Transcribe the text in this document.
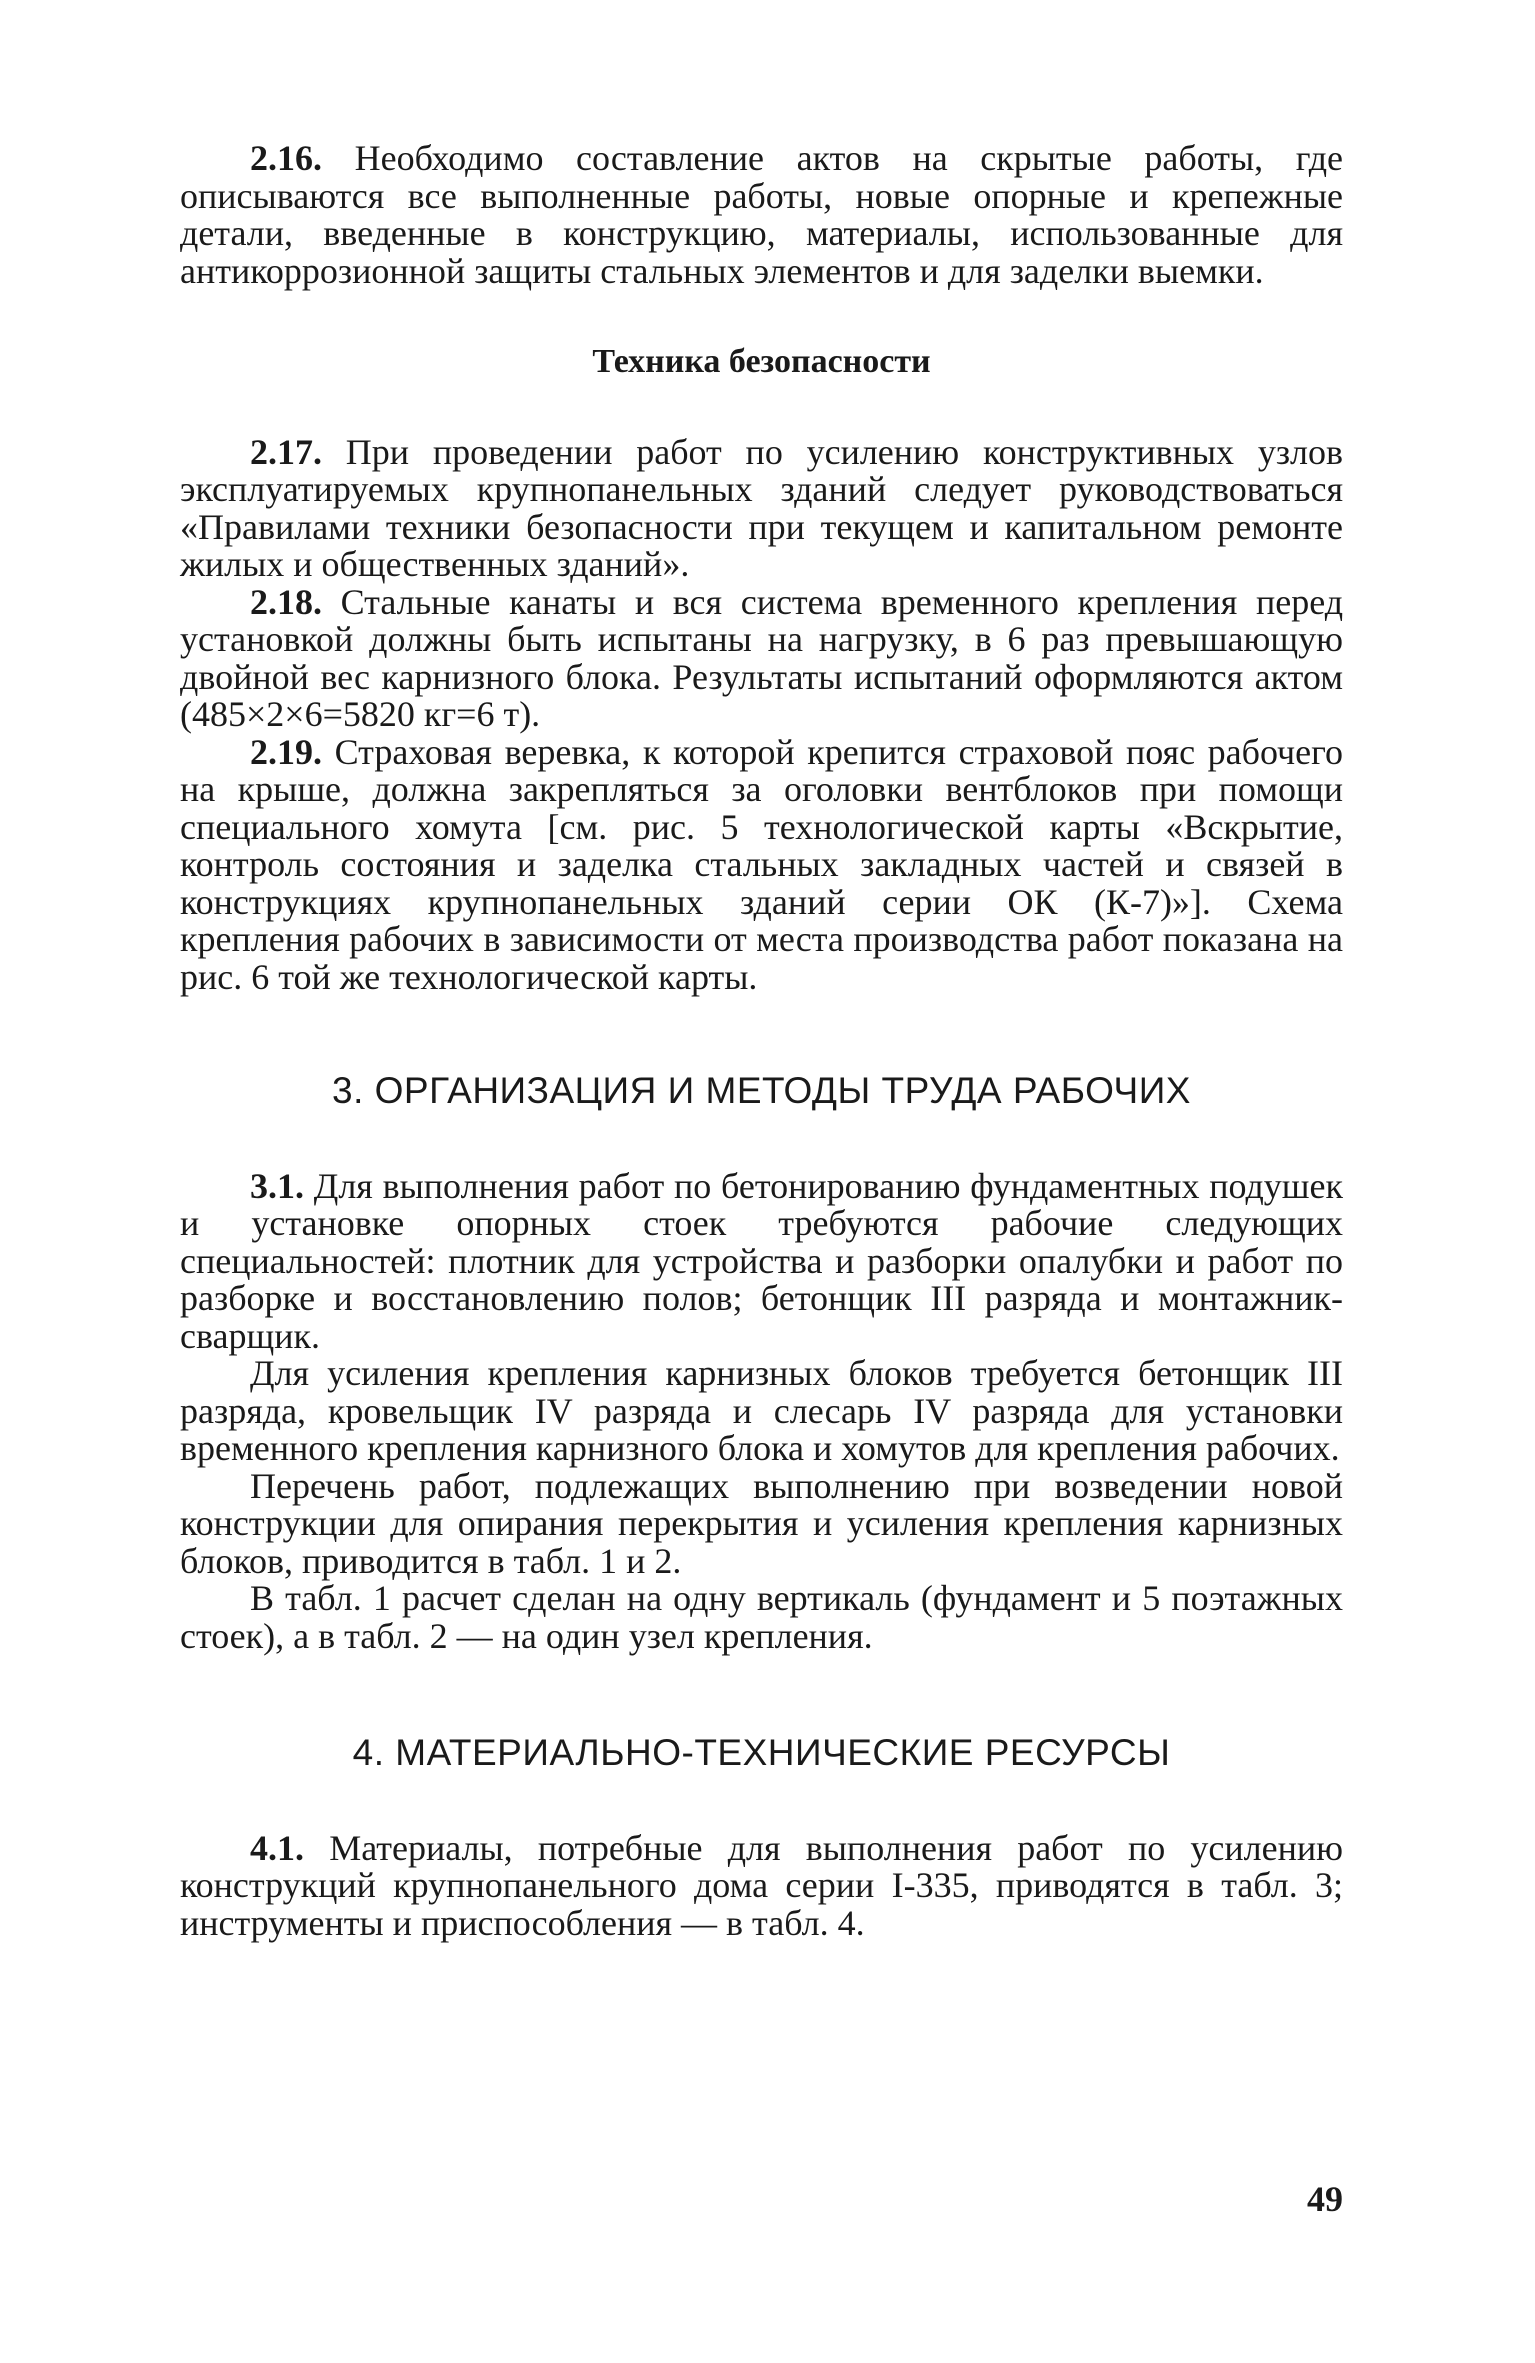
2.16. Необходимо составление актов на скрытые работы, где описываются все выполненные работы, новые опорные и крепежные детали, введенные в конструкцию, материалы, использованные для антикоррозионной защиты стальных элементов и для заделки выемки.

Техника безопасности

2.17. При проведении работ по усилению конструктивных узлов эксплуатируемых крупнопанельных зданий следует руководствоваться «Правилами техники безопасности при текущем и капитальном ремонте жилых и общественных зданий».

2.18. Стальные канаты и вся система временного крепления перед установкой должны быть испытаны на нагрузку, в 6 раз превышающую двойной вес карнизного блока. Результаты испытаний оформляются актом (485×2×6=5820 кг=6 т).

2.19. Страховая веревка, к которой крепится страховой пояс рабочего на крыше, должна закрепляться за оголовки вентблоков при помощи специального хомута [см. рис. 5 технологической карты «Вскрытие, контроль состояния и заделка стальных закладных частей и связей в конструкциях крупнопанельных зданий серии ОК (К-7)»]. Схема крепления рабочих в зависимости от места производства работ показана на рис. 6 той же технологической карты.

3. ОРГАНИЗАЦИЯ И МЕТОДЫ ТРУДА РАБОЧИХ

3.1. Для выполнения работ по бетонированию фундаментных подушек и установке опорных стоек требуются рабочие следующих специальностей: плотник для устройства и разборки опалубки и работ по разборке и восстановлению полов; бетонщик III разряда и монтажник-сварщик.

Для усиления крепления карнизных блоков требуется бетонщик III разряда, кровельщик IV разряда и слесарь IV разряда для установки временного крепления карнизного блока и хомутов для крепления рабочих.

Перечень работ, подлежащих выполнению при возведении новой конструкции для опирания перекрытия и усиления крепления карнизных блоков, приводится в табл. 1 и 2.

В табл. 1 расчет сделан на одну вертикаль (фундамент и 5 поэтажных стоек), а в табл. 2 — на один узел крепления.

4. МАТЕРИАЛЬНО-ТЕХНИЧЕСКИЕ РЕСУРСЫ

4.1. Материалы, потребные для выполнения работ по усилению конструкций крупнопанельного дома серии I-335, приводятся в табл. 3; инструменты и приспособления — в табл. 4.

49
